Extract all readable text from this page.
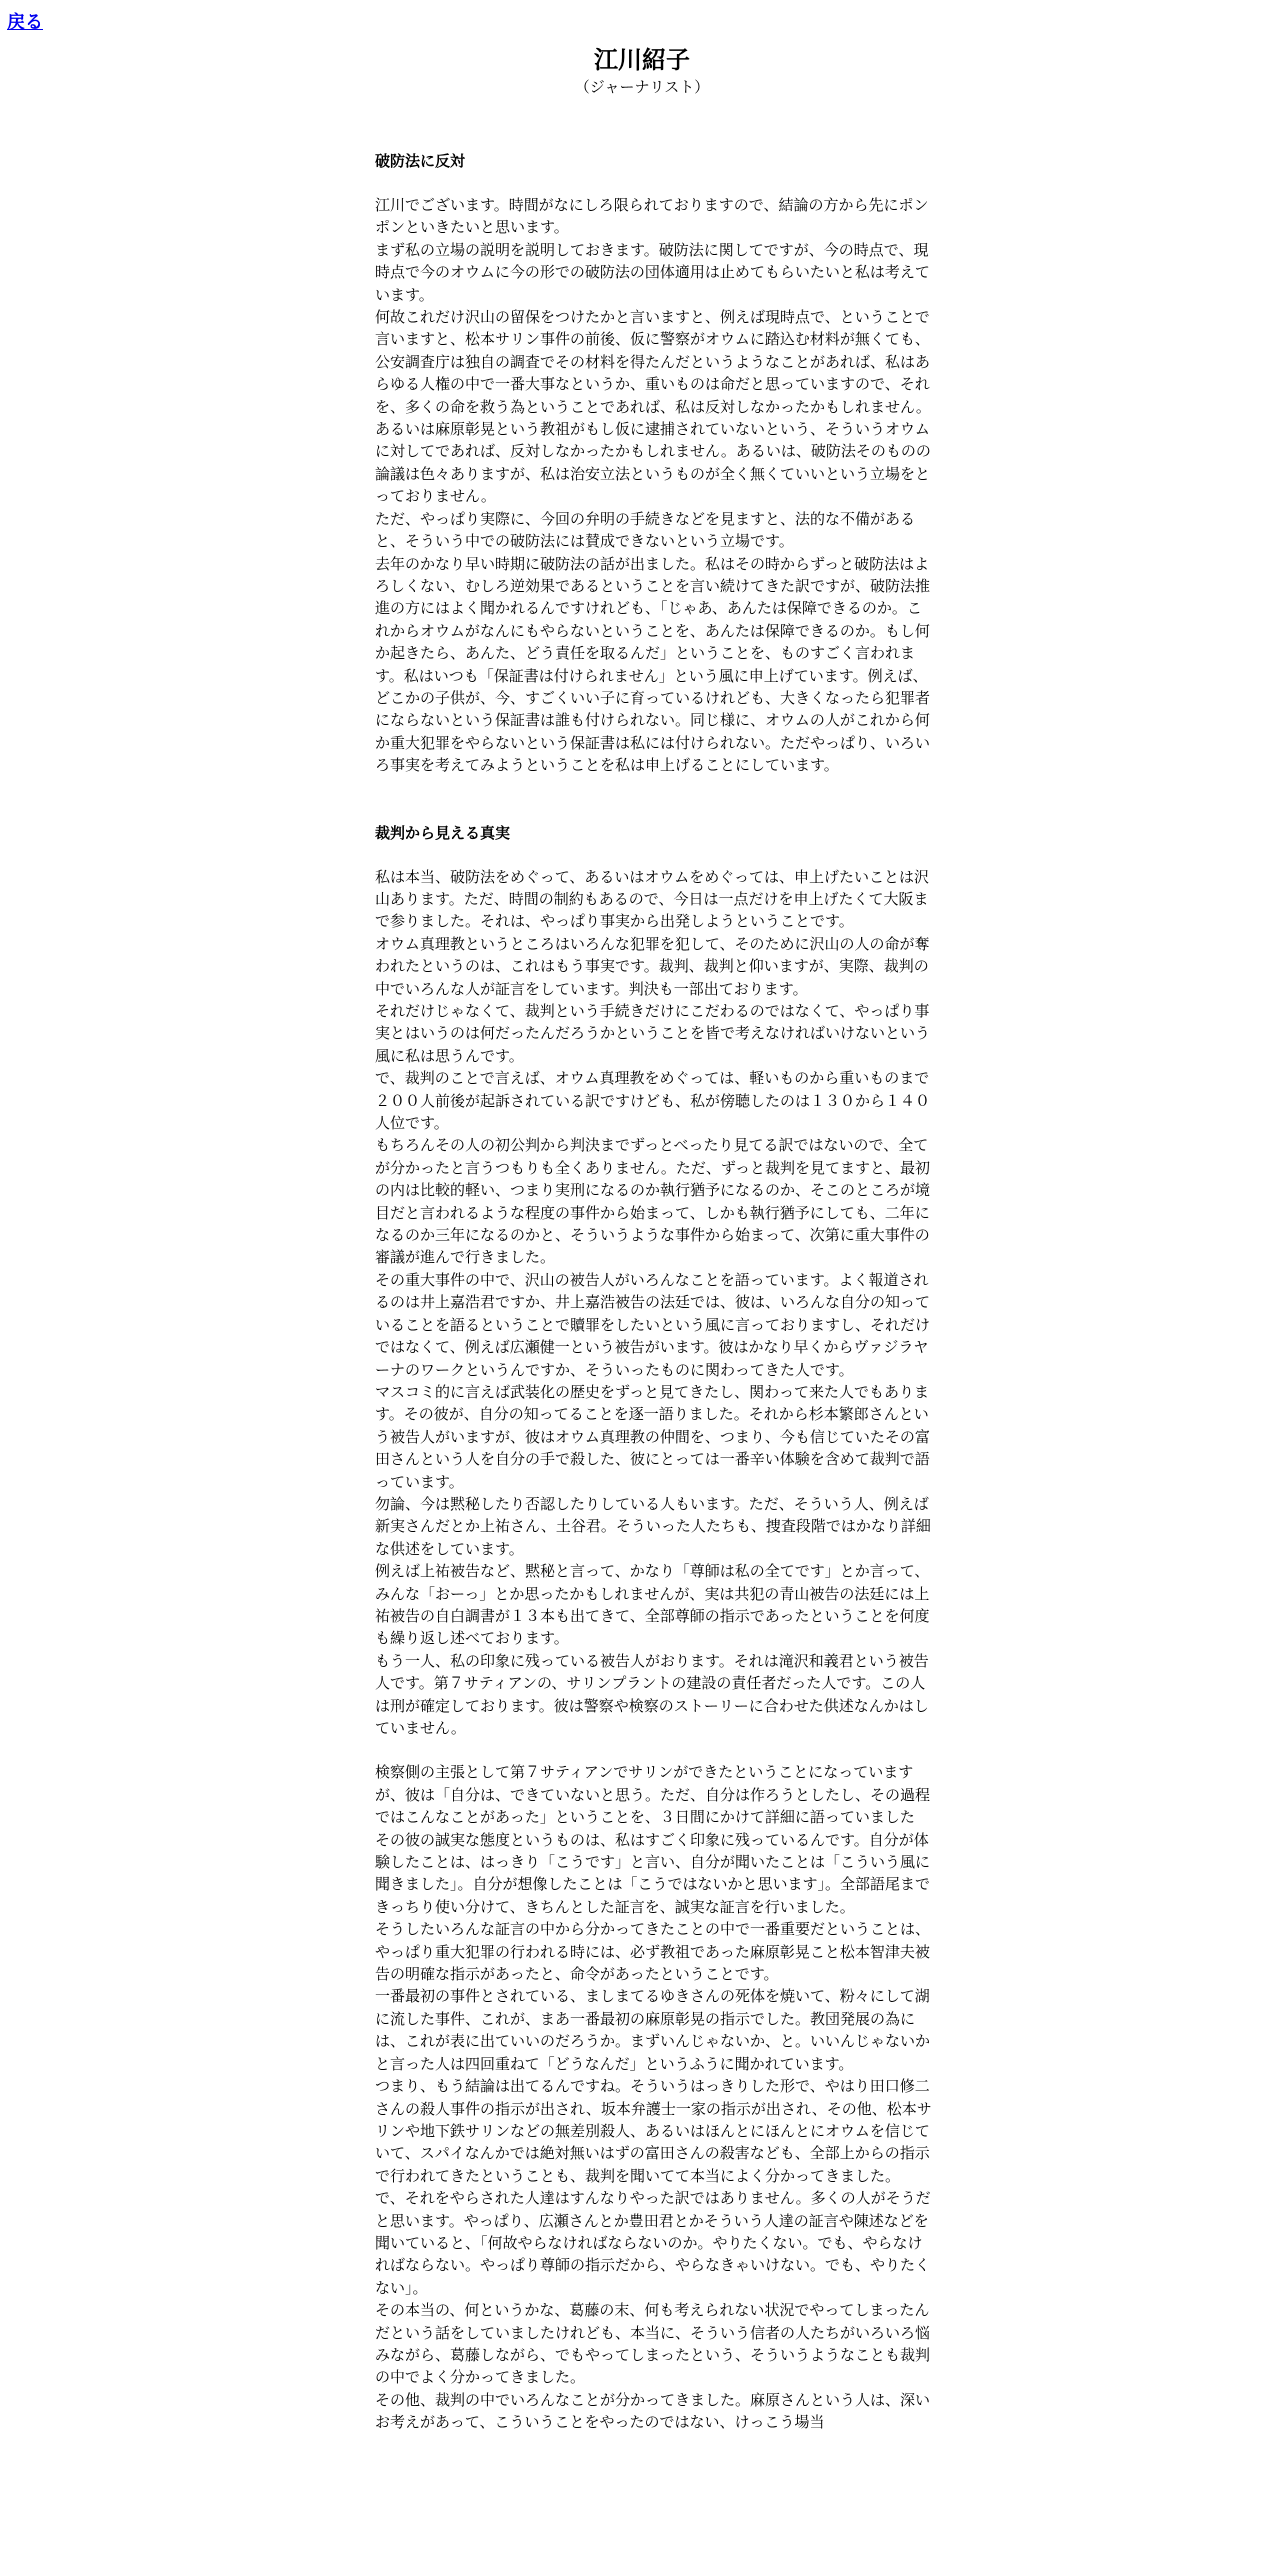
戻る
江川紹子
（ジャーナリスト）
破防法に反対

江川でございます。時間がなにしろ限られておりますので、結論の方から先にポンポンといきたいと思います。

まず私の立場の説明を説明しておきます。破防法に関してですが、今の時点で、現時点で今のオウムに今の形での破防法の団体適用は止めてもらいたいと私は考えています。

何故これだけ沢山の留保をつけたかと言いますと、例えば現時点で、ということで言いますと、松本サリン事件の前後、仮に警察がオウムに踏込む材料が無くても、公安調査庁は独自の調査でその材料を得たんだというようなことがあれば、私はあらゆる人権の中で一番大事なというか、重いものは命だと思っていますので、それを、多くの命を救う為ということであれば、私は反対しなかったかもしれません。あるいは麻原彰晃という教祖がもし仮に逮捕されていないという、そういうオウムに対してであれば、反対しなかったかもしれません。あるいは、破防法そのものの論議は色々ありますが、私は治安立法というものが全く無くていいという立場をとっておりません。

ただ、やっぱり実際に、今回の弁明の手続きなどを見ますと、法的な不備があると、そういう中での破防法には賛成できないという立場です。

去年のかなり早い時期に破防法の話が出ました。私はその時からずっと破防法はよろしくない、むしろ逆効果であるということを言い続けてきた訳ですが、破防法推進の方にはよく聞かれるんですけれども、「じゃあ、あんたは保障できるのか。これからオウムがなんにもやらないということを、あんたは保障できるのか。もし何か起きたら、あんた、どう責任を取るんだ」ということを、ものすごく言われます。私はいつも「保証書は付けられません」という風に申上げています。例えば、どこかの子供が、今、すごくいい子に育っているけれども、大きくなったら犯罪者にならないという保証書は誰も付けられない。同じ様に、オウムの人がこれから何か重大犯罪をやらないという保証書は私には付けられない。ただやっぱり、いろいろ事実を考えてみようということを私は申上げることにしています。

裁判から見える真実

私は本当、破防法をめぐって、あるいはオウムをめぐっては、申上げたいことは沢山あります。ただ、時間の制約もあるので、今日は一点だけを申上げたくて大阪まで参りました。それは、やっぱり事実から出発しようということです。

オウム真理教というところはいろんな犯罪を犯して、そのために沢山の人の命が奪われたというのは、これはもう事実です。裁判、裁判と仰いますが、実際、裁判の中でいろんな人が証言をしています。判決も一部出ております。

それだけじゃなくて、裁判という手続きだけにこだわるのではなくて、やっぱり事実とはいうのは何だったんだろうかということを皆で考えなければいけないという風に私は思うんです。

で、裁判のことで言えば、オウム真理教をめぐっては、軽いものから重いものまで２００人前後が起訴されている訳ですけども、私が傍聴したのは１３０から１４０人位です。

もちろんその人の初公判から判決までずっとべったり見てる訳ではないので、全てが分かったと言うつもりも全くありません。ただ、ずっと裁判を見てますと、最初の内は比較的軽い、つまり実刑になるのか執行猶予になるのか、そこのところが境目だと言われるような程度の事件から始まって、しかも執行猶予にしても、二年になるのか三年になるのかと、そういうような事件から始まって、次第に重大事件の審議が進んで行きました。

その重大事件の中で、沢山の被告人がいろんなことを語っています。よく報道されるのは井上嘉浩君ですか、井上嘉浩被告の法廷では、彼は、いろんな自分の知っていることを語るということで贖罪をしたいという風に言っておりますし、それだけではなくて、例えば広瀬健一という被告がいます。彼はかなり早くからヴァジラヤーナのワークというんですか、そういったものに関わってきた人です。

マスコミ的に言えば武装化の歴史をずっと見てきたし、関わって来た人でもあります。その彼が、自分の知ってることを逐一語りました。それから杉本繁郎さんという被告人がいますが、彼はオウム真理教の仲間を、つまり、今も信じていたその富田さんという人を自分の手で殺した、彼にとっては一番辛い体験を含めて裁判で語っています。

勿論、今は黙秘したり否認したりしている人もいます。ただ、そういう人、例えば新実さんだとか上祐さん、土谷君。そういった人たちも、捜査段階ではかなり詳細な供述をしています。

例えば上祐被告など、黙秘と言って、かなり「尊師は私の全てです」とか言って、みんな「おーっ」とか思ったかもしれませんが、実は共犯の青山被告の法廷には上祐被告の自白調書が１３本も出てきて、全部尊師の指示であったということを何度も繰り返し述べております。

もう一人、私の印象に残っている被告人がおります。それは滝沢和義君という被告人です。第７サティアンの、サリンプラントの建設の責任者だった人です。この人は刑が確定しております。彼は警察や検察のストーリーに合わせた供述なんかはしていません。

検察側の主張として第７サティアンでサリンができたということになっていますが、彼は「自分は、できていないと思う。ただ、自分は作ろうとしたし、その過程ではこんなことがあった」ということを、３日間にかけて詳細に語っていました

その彼の誠実な態度というものは、私はすごく印象に残っているんです。自分が体験したことは、はっきり「こうです」と言い、自分が聞いたことは「こういう風に聞きました」。自分が想像したことは「こうではないかと思います」。全部語尾まできっちり使い分けて、きちんとした証言を、誠実な証言を行いました。

そうしたいろんな証言の中から分かってきたことの中で一番重要だということは、やっぱり重大犯罪の行われる時には、必ず教祖であった麻原彰晃こと松本智津夫被告の明確な指示があったと、命令があったということです。

一番最初の事件とされている、ましまてるゆきさんの死体を焼いて、粉々にして湖に流した事件、これが、まあ一番最初の麻原彰晃の指示でした。教団発展の為には、これが表に出ていいのだろうか。まずいんじゃないか、と。いいんじゃないかと言った人は四回重ねて「どうなんだ」というふうに聞かれています。

つまり、もう結論は出てるんですね。そういうはっきりした形で、やはり田口修二さんの殺人事件の指示が出され、坂本弁護士一家の指示が出され、その他、松本サリンや地下鉄サリンなどの無差別殺人、あるいはほんとにほんとにオウムを信じていて、スパイなんかでは絶対無いはずの富田さんの殺害なども、全部上からの指示で行われてきたということも、裁判を聞いてて本当によく分かってきました。

で、それをやらされた人達はすんなりやった訳ではありません。多くの人がそうだと思います。やっぱり、広瀬さんとか豊田君とかそういう人達の証言や陳述などを聞いていると、「何故やらなければならないのか。やりたくない。でも、やらなければならない。やっぱり尊師の指示だから、やらなきゃいけない。でも、やりたくない」。

その本当の、何というかな、葛藤の末、何も考えられない状況でやってしまったんだという話をしていましたけれども、本当に、そういう信者の人たちがいろいろ悩みながら、葛藤しながら、でもやってしまったという、そういうようなことも裁判の中でよく分かってきました。

その他、裁判の中でいろんなことが分かってきました。麻原さんという人は、深いお考えがあって、こういうことをやったのではない、けっこう場当
